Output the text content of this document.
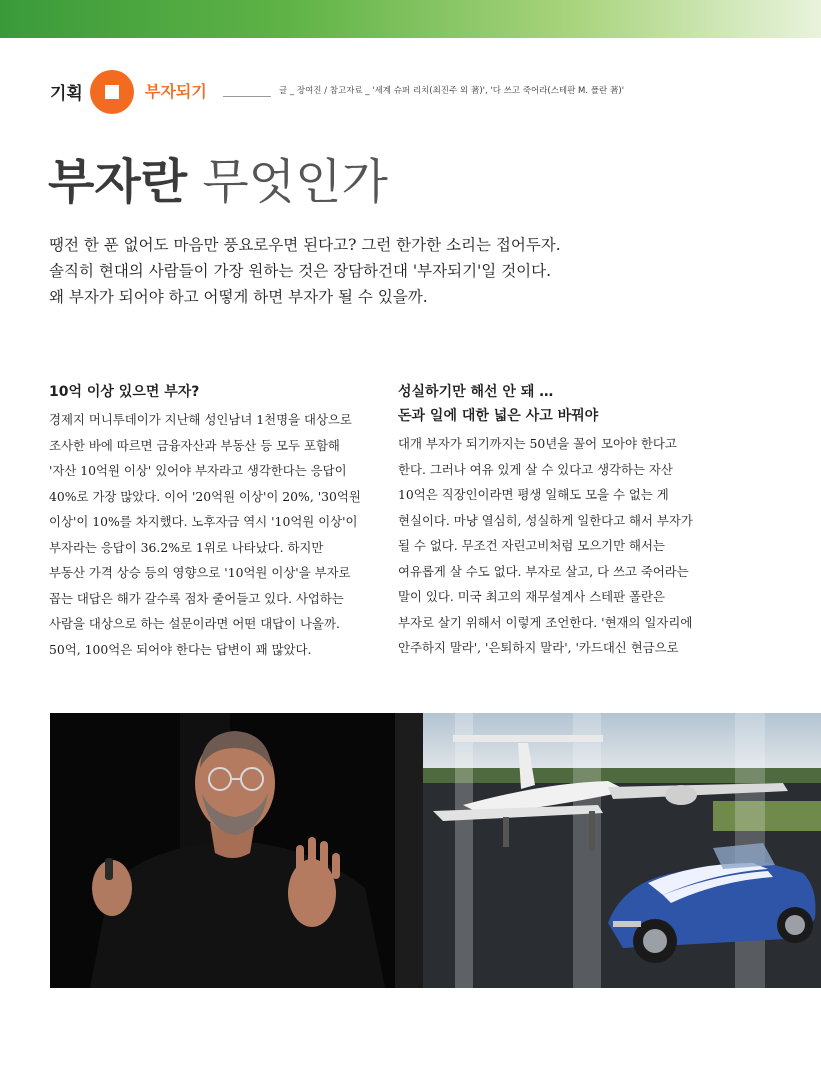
기획	부자되기	글 _ 장여진 / 참고자료 _ '세계 슈퍼 리치(최진주 외 著)', '다 쓰고 죽어라(스테판 M. 폴란 著)'
부자란 무엇인가

땡전 한 푼 없어도 마음만 풍요로우면 된다고? 그런 한가한 소리는 접어두자.

솔직히 현대의 사람들이 가장 원하는 것은 장담하건대 '부자되기'일 것이다.

왜 부자가 되어야 하고 어떻게 하면 부자가 될 수 있을까.

10억 이상 있으면 부자?

경제지 머니투데이가 지난해 성인남녀 1천명을 대상으로
조사한 바에 따르면 금융자산과 부동산 등 모두 포함해
'자산 10억원 이상' 있어야 부자라고 생각한다는 응답이
40%로 가장 많았다. 이어 '20억원 이상'이 20%, '30억원
이상'이 10%를 차지했다. 노후자금 역시 '10억원 이상'이
부자라는 응답이 36.2%로 1위로 나타났다. 하지만
부동산 가격 상승 등의 영향으로 '10억원 이상'을 부자로
꼽는 대답은 해가 갈수록 점차 줄어들고 있다. 사업하는
사람을 대상으로 하는 설문이라면 어떤 대답이 나올까.
50억, 100억은 되어야 한다는 답변이 꽤 많았다.

성실하기만 해선 안 돼 …
돈과 일에 대한 넓은 사고 바꿔야

대개 부자가 되기까지는 50년을 꼴어 모아야 한다고
한다. 그러나 여유 있게 살 수 있다고 생각하는 자산
10억은 직장인이라면 평생 일해도 모을 수 없는 게
현실이다. 마냥 열심히, 성실하게 일한다고 해서 부자가
될 수 없다. 무조건 자린고비처럼 모으기만 해서는
여유롭게 살 수도 없다. 부자로 살고, 다 쓰고 죽어라는
말이 있다. 미국 최고의 재무설계사 스테판 폴란은
부자로 살기 위해서 이렇게 조언한다. '현재의 일자리에
안주하지 말라', '은퇴하지 말라', '카드대신 현금으로
